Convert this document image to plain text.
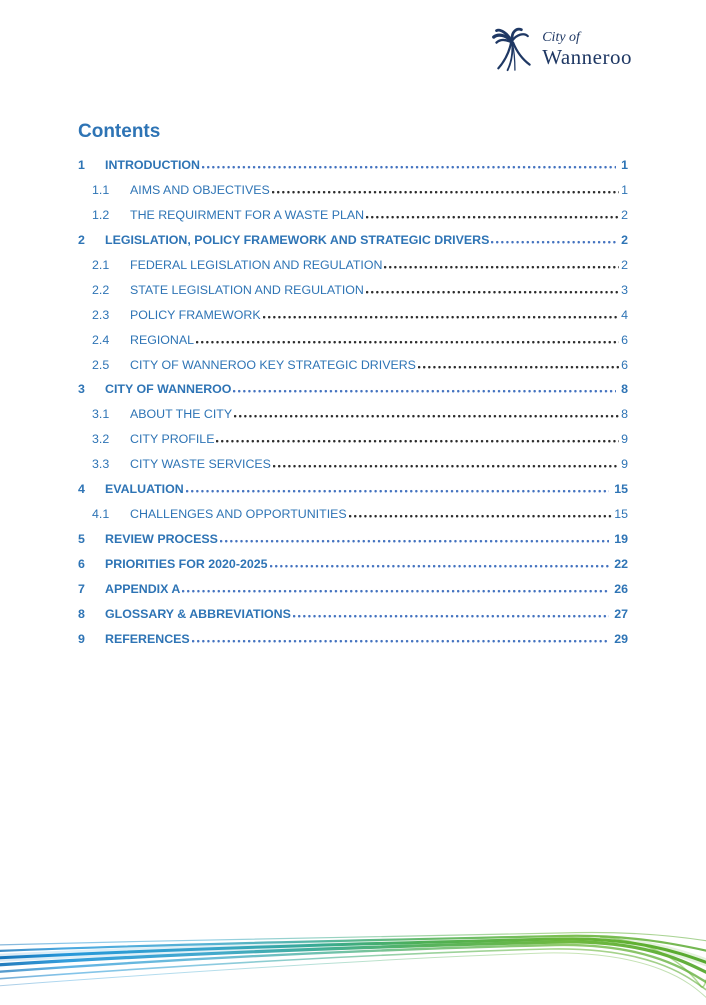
City of
Wanneroo
Contents
1	INTRODUCTION	1
1.1	AIMS AND OBJECTIVES	1
1.2	THE REQUIRMENT FOR A WASTE PLAN	2
2	LEGISLATION, POLICY FRAMEWORK AND STRATEGIC DRIVERS	2
2.1	FEDERAL LEGISLATION AND REGULATION	2
2.2	STATE LEGISLATION AND REGULATION	3
2.3	POLICY FRAMEWORK	4
2.4	REGIONAL	6
2.5	CITY OF WANNEROO KEY STRATEGIC DRIVERS	6
3	CITY OF WANNEROO	8
3.1	ABOUT THE CITY	8
3.2	CITY PROFILE	9
3.3	CITY WASTE SERVICES	9
4	EVALUATION	15
4.1	CHALLENGES AND OPPORTUNITIES	15
5	REVIEW PROCESS	19
6	PRIORITIES FOR 2020-2025	22
7	APPENDIX A	26
8	GLOSSARY & ABBREVIATIONS	27
9	REFERENCES	29
